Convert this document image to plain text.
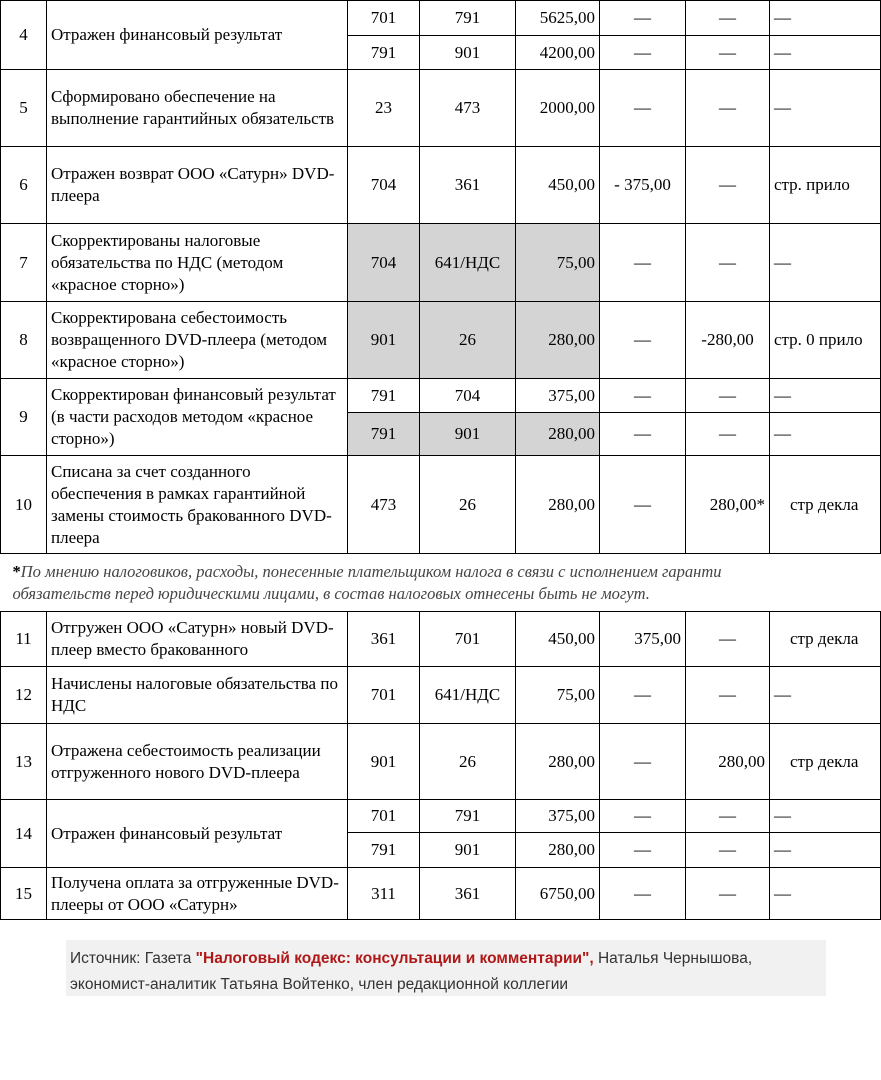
4	Отражен финансовый результат	701	791	5625,00	—	—	—
		791	901	4200,00	—	—	—
5	Сформировано обеспечение на выполнение гарантийных обязательств	23	473	2000,00	—	—	—
6	Отражен возврат ООО «Сатурн» DVD-плеера	704	361	450,00	- 375,00	—	стр. прило
7	Скорректированы налоговые обязательства по НДС (методом «красное сторно»)	704	641/НДС	75,00	—	—	—
8	Скорректирована себестоимость возвращенного DVD-плеера (методом «красное сторно»)	901	26	280,00	—	-280,00	стр. 0 прило
9	Скорректирован финансовый результат (в части расходов методом «красное сторно»)	791	704	375,00	—	—	—
		791	901	280,00	—	—	—
10	Списана за счет созданного обеспечения в рамках гарантийной замены стоимость бракованного DVD-плеера	473	26	280,00	—	280,00*	стр декла
*По мнению налоговиков, расходы, понесенные плательщиком налога в связи с исполнением гаранти
обязательств перед юридическими лицами, в состав налоговых отнесены быть не могут.							
11	Отгружен ООО «Сатурн» новый DVD-плеер вместо бракованного	361	701	450,00	375,00	—	стр декла
12	Начислены налоговые обязательства по НДС	701	641/НДС	75,00	—	—	—
13	Отражена себестоимость реализации отгруженного нового DVD-плеера	901	26	280,00	—	280,00	стр декла
14	Отражен финансовый результат	701	791	375,00	—	—	—
		791	901	280,00	—	—	—
15	Получена оплата за отгруженные DVD-плееры от ООО «Сатурн»	311	361	6750,00	—	—	—
Источник: Газета "Налоговый кодекс: консультации и комментарии", Наталья Чернышова,
экономист-аналитик Татьяна Войтенко, член редакционной коллегии
